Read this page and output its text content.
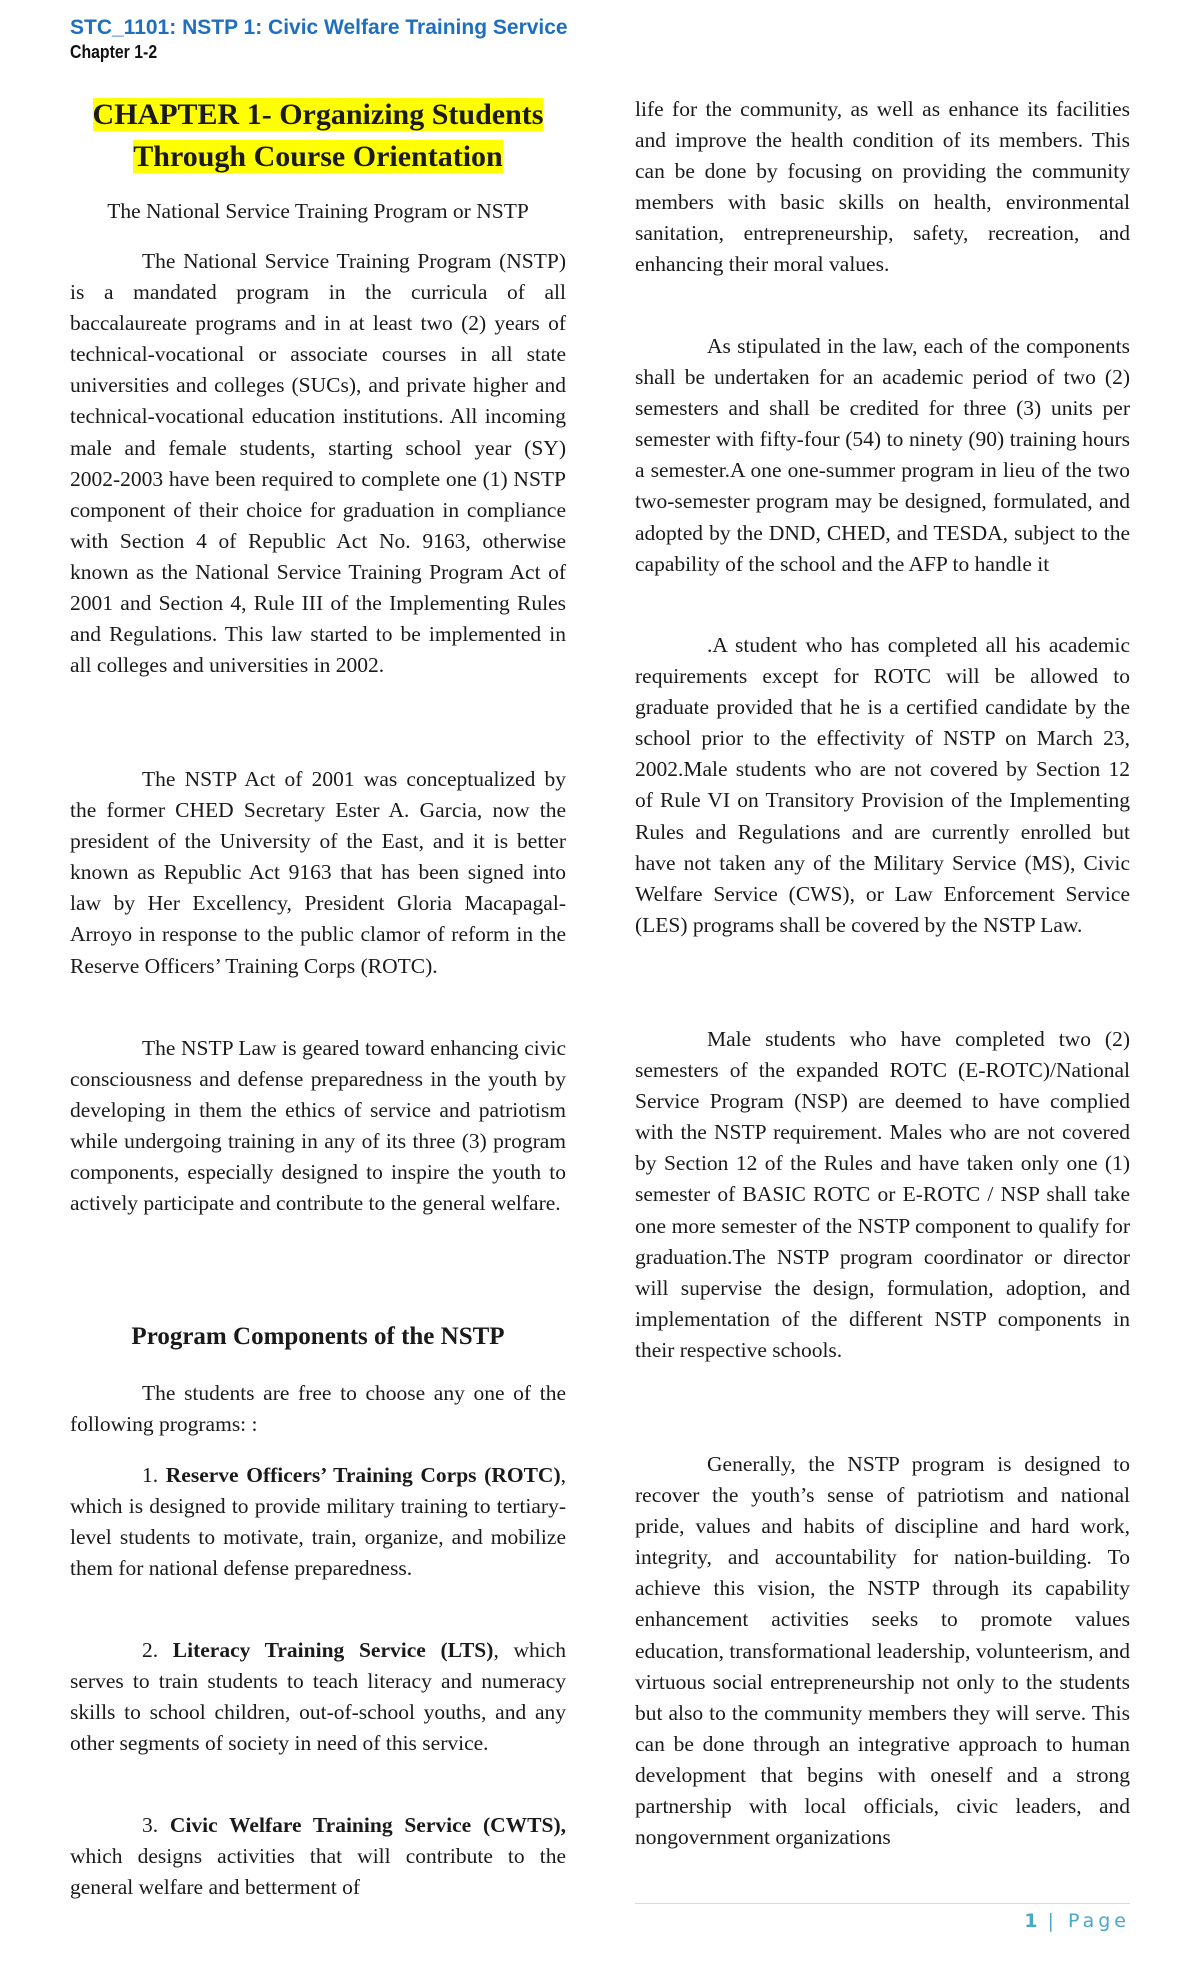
STC_1101: NSTP 1: Civic Welfare Training Service
Chapter 1-2
CHAPTER 1- Organizing Students
Through Course Orientation

The National Service Training Program or NSTP

The National Service Training Program (NSTP) is a mandated program in the curricula of all baccalaureate programs and in at least two (2) years of technical-vocational or associate courses in all state universities and colleges (SUCs), and private higher and technical-vocational education institutions. All incoming male and female students, starting school year (SY) 2002-2003 have been required to complete one (1) NSTP component of their choice for graduation in compliance with Section 4 of Republic Act No. 9163, otherwise known as the National Service Training Program Act of 2001 and Section 4, Rule III of the Implementing Rules and Regulations. This law started to be implemented in all colleges and universities in 2002.

The NSTP Act of 2001 was conceptualized by the former CHED Secretary Ester A. Garcia, now the president of the University of the East, and it is better known as Republic Act 9163 that has been signed into law by Her Excellency, President Gloria Macapagal-Arroyo in response to the public clamor of reform in the Reserve Officers’ Training Corps (ROTC).

The NSTP Law is geared toward enhancing civic consciousness and defense preparedness in the youth by developing in them the ethics of service and patriotism while undergoing training in any of its three (3) program components, especially designed to inspire the youth to actively participate and contribute to the general welfare.

Program Components of the NSTP

The students are free to choose any one of the following programs: :

1. Reserve Officers’ Training Corps (ROTC), which is designed to provide military training to tertiary-level students to motivate, train, organize, and mobilize them for national defense preparedness.

2. Literacy Training Service (LTS), which serves to train students to teach literacy and numeracy skills to school children, out-of-school youths, and any other segments of society in need of this service.

3. Civic Welfare Training Service (CWTS), which designs activities that will contribute to the general welfare and betterment of

life for the community, as well as enhance its facilities and improve the health condition of its members. This can be done by focusing on providing the community members with basic skills on health, environmental sanitation, entrepreneurship, safety, recreation, and enhancing their moral values.

As stipulated in the law, each of the components shall be undertaken for an academic period of two (2) semesters and shall be credited for three (3) units per semester with fifty-four (54) to ninety (90) training hours a semester.A one one-summer program in lieu of the two two-semester program may be designed, formulated, and adopted by the DND, CHED, and TESDA, subject to the capability of the school and the AFP to handle it

.A student who has completed all his academic requirements except for ROTC will be allowed to graduate provided that he is a certified candidate by the school prior to the effectivity of NSTP on March 23, 2002.Male students who are not covered by Section 12 of Rule VI on Transitory Provision of the Implementing Rules and Regulations and are currently enrolled but have not taken any of the Military Service (MS), Civic Welfare Service (CWS), or Law Enforcement Service (LES) programs shall be covered by the NSTP Law.

Male students who have completed two (2) semesters of the expanded ROTC (E-ROTC)/National Service Program (NSP) are deemed to have complied with the NSTP requirement. Males who are not covered by Section 12 of the Rules and have taken only one (1) semester of BASIC ROTC or E-ROTC / NSP shall take one more semester of the NSTP component to qualify for graduation.The NSTP program coordinator or director will supervise the design, formulation, adoption, and implementation of the different NSTP components in their respective schools.

Generally, the NSTP program is designed to recover the youth’s sense of patriotism and national pride, values and habits of discipline and hard work, integrity, and accountability for nation-building. To achieve this vision, the NSTP through its capability enhancement activities seeks to promote values education, transformational leadership, volunteerism, and virtuous social entrepreneurship not only to the students but also to the community members they will serve. This can be done through an integrative approach to human development that begins with oneself and a strong partnership with local officials, civic leaders, and nongovernment organizations

1 | Page
